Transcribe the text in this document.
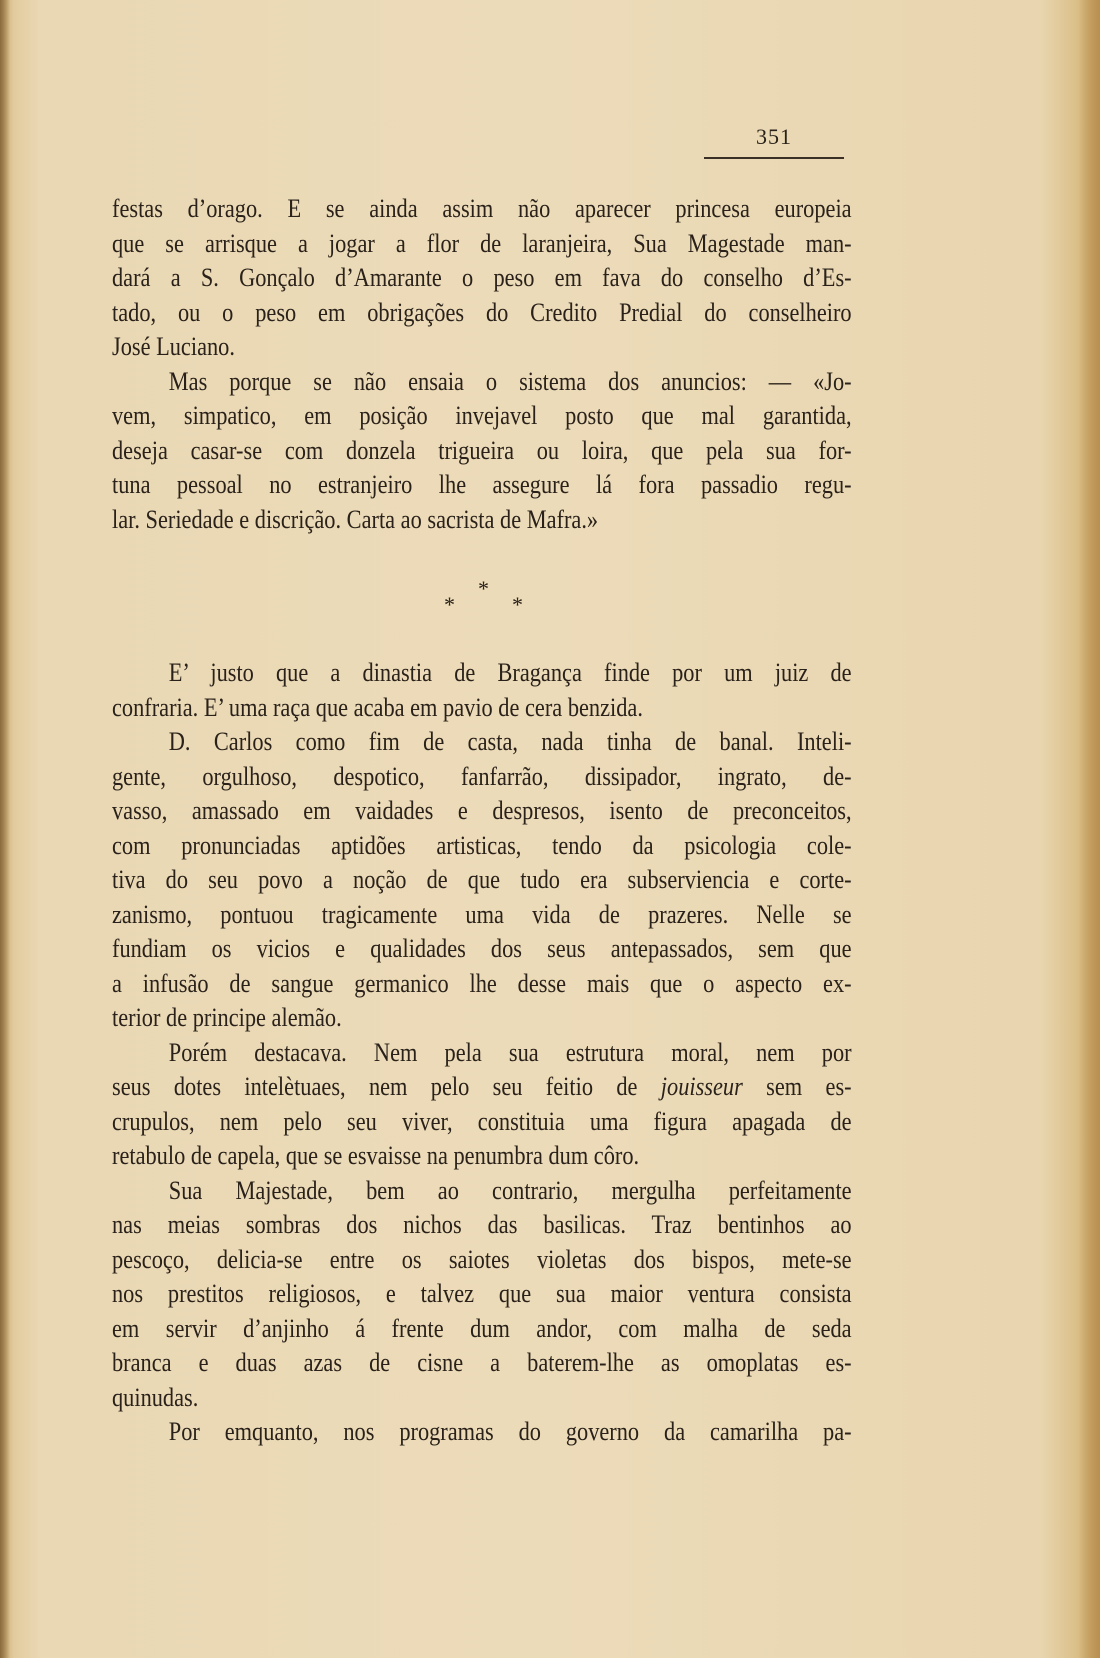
351
festas d’orago. E se ainda assim não aparecer princesa europeia
que se arrisque a jogar a flor de laranjeira, Sua Magestade man-
dará a S. Gonçalo d’Amarante o peso em fava do conselho d’Es-
tado, ou o peso em obrigações do Credito Predial do conselheiro
José Luciano.
Mas porque se não ensaia o sistema dos anuncios: — «Jo-
vem, simpatico, em posição invejavel posto que mal garantida,
deseja casar-se com donzela trigueira ou loira, que pela sua for-
tuna pessoal no estranjeiro lhe assegure lá fora passadio regu-
lar. Seriedade e discrição. Carta ao sacrista de Mafra.»
*
*	*
E’ justo que a dinastia de Bragança finde por um juiz de
confraria. E’ uma raça que acaba em pavio de cera benzida.
D. Carlos como fim de casta, nada tinha de banal. Inteli-
gente, orgulhoso, despotico, fanfarrão, dissipador, ingrato, de-
vasso, amassado em vaidades e despresos, isento de preconceitos,
com pronunciadas aptidões artisticas, tendo da psicologia cole-
tiva do seu povo a noção de que tudo era subserviencia e corte-
zanismo, pontuou tragicamente uma vida de prazeres. Nelle se
fundiam os vicios e qualidades dos seus antepassados, sem que
a infusão de sangue germanico lhe desse mais que o aspecto ex-
terior de principe alemão.
Porém destacava. Nem pela sua estrutura moral, nem por
seus dotes intelètuaes, nem pelo seu feitio de jouisseur sem es-
crupulos, nem pelo seu viver, constituia uma figura apagada de
retabulo de capela, que se esvaisse na penumbra dum côro.
Sua Majestade, bem ao contrario, mergulha perfeitamente
nas meias sombras dos nichos das basilicas. Traz bentinhos ao
pescoço, delicia-se entre os saiotes violetas dos bispos, mete-se
nos prestitos religiosos, e talvez que sua maior ventura consista
em servir d’anjinho á frente dum andor, com malha de seda
branca e duas azas de cisne a baterem-lhe as omoplatas es-
quinudas.
Por emquanto, nos programas do governo da camarilha pa-
